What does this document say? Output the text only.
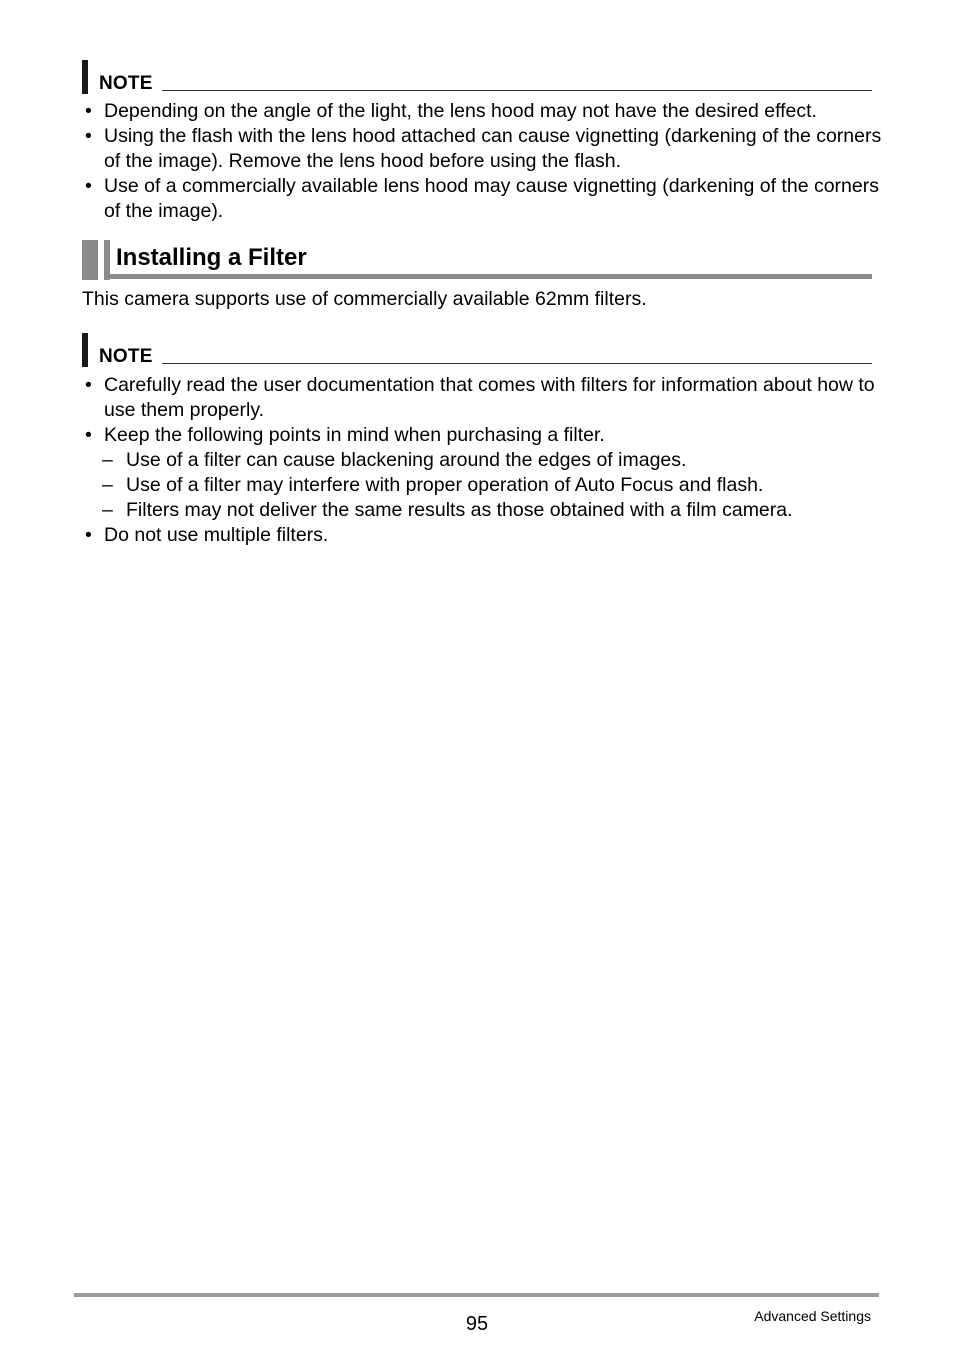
NOTE
• Depending on the angle of the light, the lens hood may not have the desired effect.
• Using the flash with the lens hood attached can cause vignetting (darkening of the corners of the image). Remove the lens hood before using the flash.
• Use of a commercially available lens hood may cause vignetting (darkening of the corners of the image).
Installing a Filter
This camera supports use of commercially available 62mm filters.
NOTE
• Carefully read the user documentation that comes with filters for information about how to use them properly.
• Keep the following points in mind when purchasing a filter.
– Use of a filter can cause blackening around the edges of images.
– Use of a filter may interfere with proper operation of Auto Focus and flash.
– Filters may not deliver the same results as those obtained with a film camera.
• Do not use multiple filters.
95	Advanced Settings
